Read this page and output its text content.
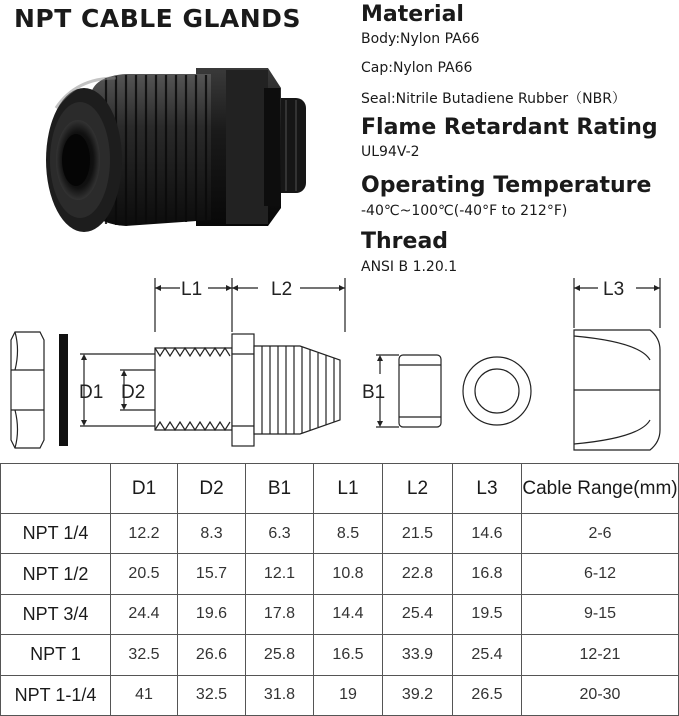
NPT CABLE GLANDS	Material
Body:Nylon PA66
Cap:Nylon PA66
Seal:Nitrile Butadiene Rubber（NBR）
Flame Retardant Rating
UL94V-2
Operating Temperature
-40℃~100℃(-40°F to 212°F)
Thread
ANSI B 1.20.1
L1	L2	L3
D1 D2	B1
	D1	D2	B1	L1	L2	L3	Cable Range(mm)
NPT 1/4	12.2	8.3	6.3	8.5	21.5	14.6	2-6
NPT 1/2	20.5	15.7	12.1	10.8	22.8	16.8	6-12
NPT 3/4	24.4	19.6	17.8	14.4	25.4	19.5	9-15
NPT 1	32.5	26.6	25.8	16.5	33.9	25.4	12-21
NPT 1-1/4	41	32.5	31.8	19	39.2	26.5	20-30
